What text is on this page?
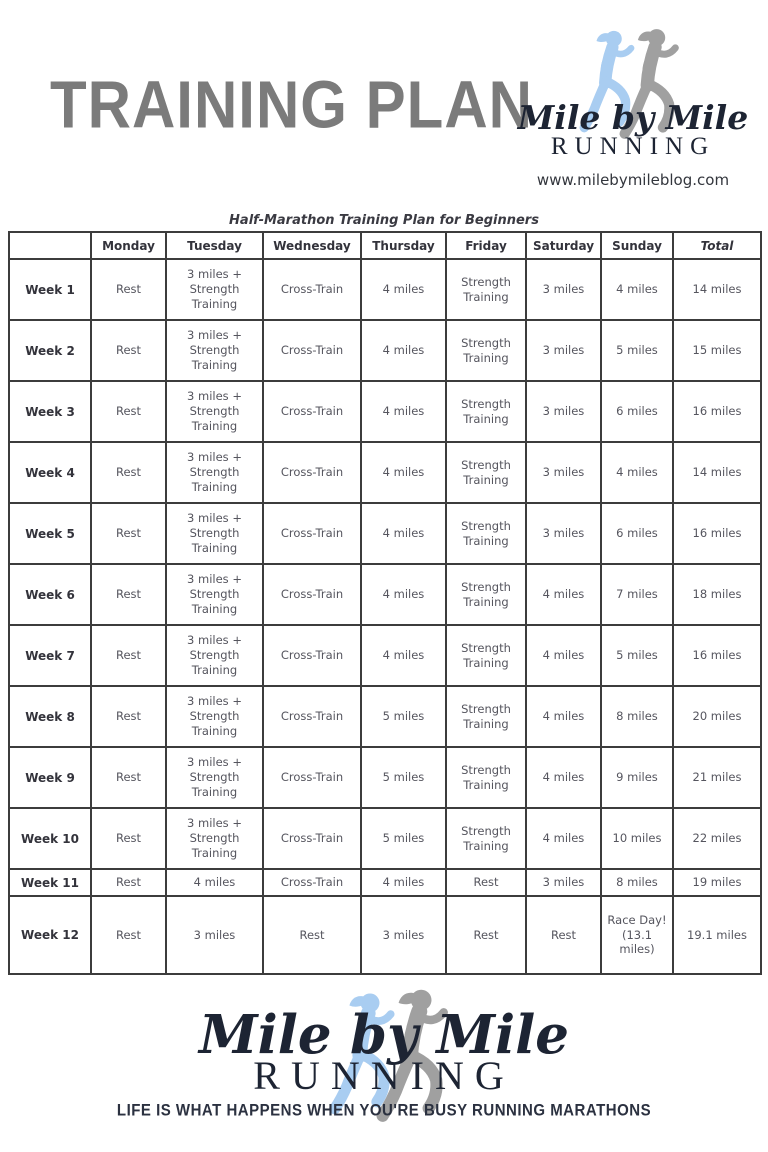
TRAINING PLAN
Mile by Mile
RUNNING
www.milebymileblog.com
Half-Marathon Training Plan for Beginners
	Monday	Tuesday	Wednesday	Thursday	Friday	Saturday	Sunday	Total
Week 1	Rest	3 miles + Strength Training	Cross-Train	4 miles	Strength Training	3 miles	4 miles	14 miles
Week 2	Rest	3 miles + Strength Training	Cross-Train	4 miles	Strength Training	3 miles	5 miles	15 miles
Week 3	Rest	3 miles + Strength Training	Cross-Train	4 miles	Strength Training	3 miles	6 miles	16 miles
Week 4	Rest	3 miles + Strength Training	Cross-Train	4 miles	Strength Training	3 miles	4 miles	14 miles
Week 5	Rest	3 miles + Strength Training	Cross-Train	4 miles	Strength Training	3 miles	6 miles	16 miles
Week 6	Rest	3 miles + Strength Training	Cross-Train	4 miles	Strength Training	4 miles	7 miles	18 miles
Week 7	Rest	3 miles + Strength Training	Cross-Train	4 miles	Strength Training	4 miles	5 miles	16 miles
Week 8	Rest	3 miles + Strength Training	Cross-Train	5 miles	Strength Training	4 miles	8 miles	20 miles
Week 9	Rest	3 miles + Strength Training	Cross-Train	5 miles	Strength Training	4 miles	9 miles	21 miles
Week 10	Rest	3 miles + Strength Training	Cross-Train	5 miles	Strength Training	4 miles	10 miles	22 miles
Week 11	Rest	4 miles	Cross-Train	4 miles	Rest	3 miles	8 miles	19 miles
Week 12	Rest	3 miles	Rest	3 miles	Rest	Rest	Race Day! (13.1 miles)	19.1 miles
Mile by Mile
RUNNING
LIFE IS WHAT HAPPENS WHEN YOU'RE BUSY RUNNING MARATHONS
